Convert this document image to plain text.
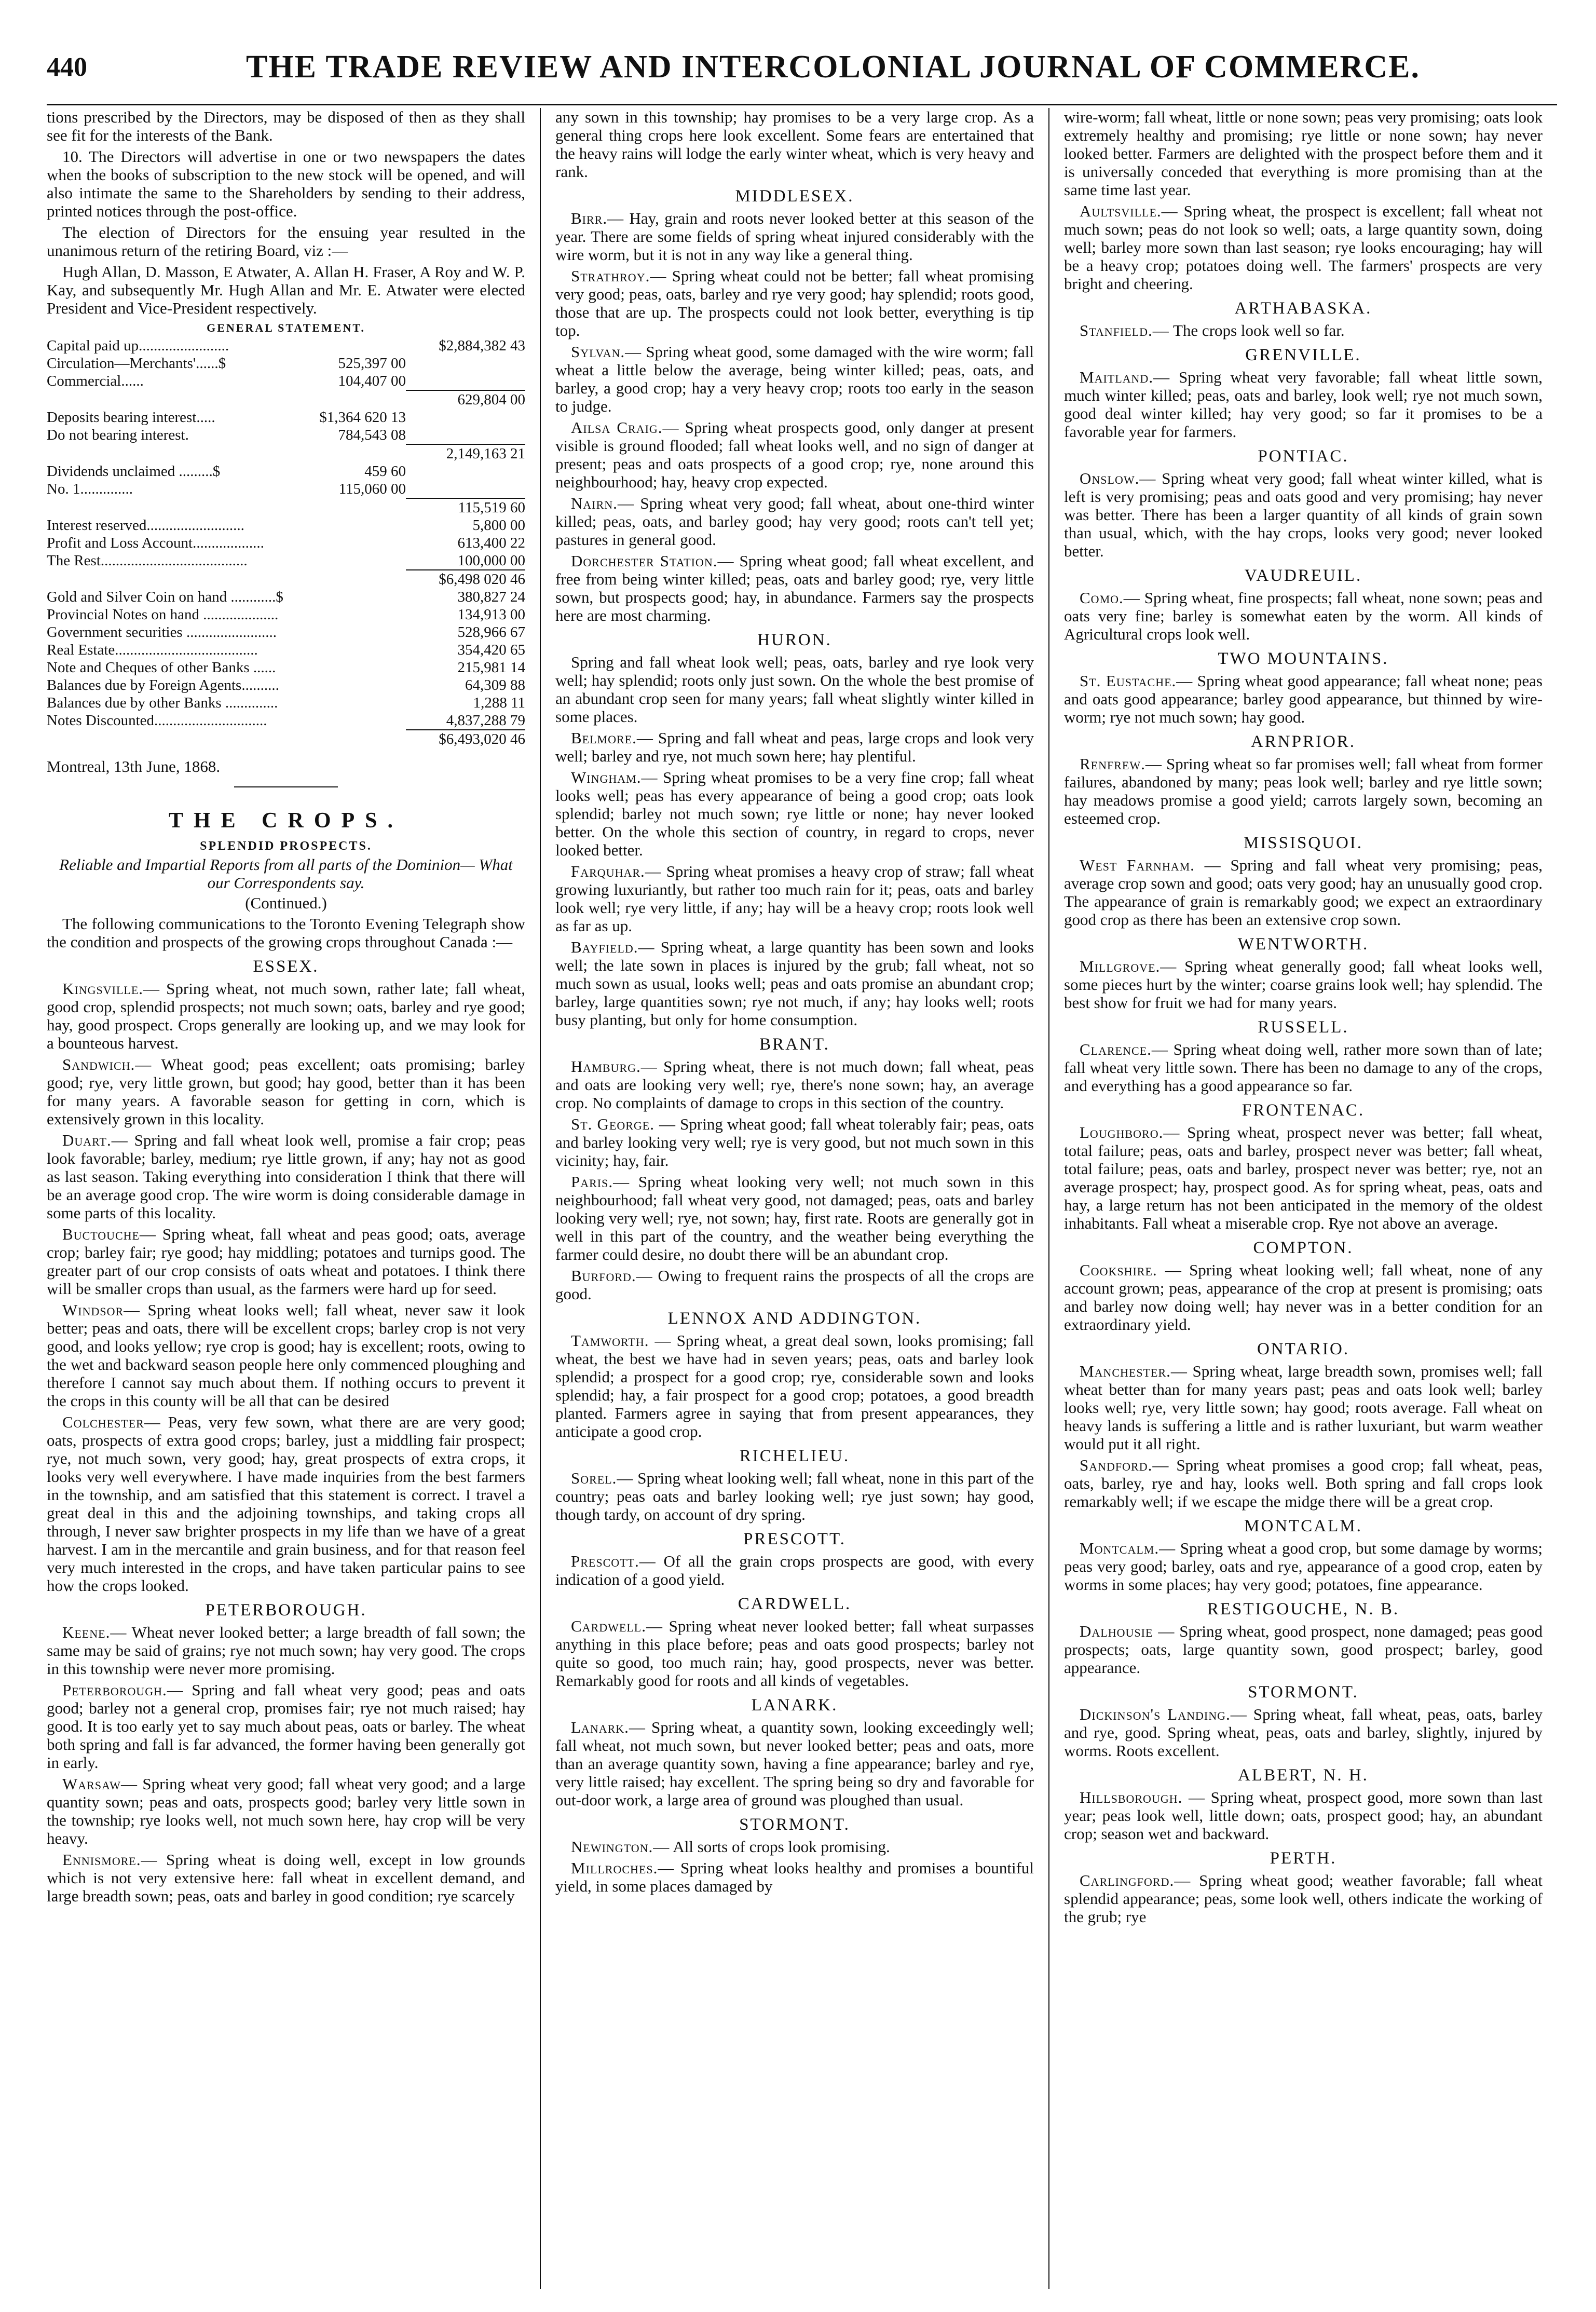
440	THE TRADE REVIEW AND INTERCOLONIAL JOURNAL OF COMMERCE.

tions prescribed by the Directors, may be disposed of then as they shall see fit for the interests of the Bank.

10. The Directors will advertise in one or two newspapers the dates when the books of subscription to the new stock will be opened, and will also intimate the same to the Shareholders by sending to their address, printed notices through the post-office.

The election of Directors for the ensuing year resulted in the unanimous return of the retiring Board, viz :—

Hugh Allan, D. Masson, E Atwater, A. Allan H. Fraser, A Roy and W. P. Kay, and subsequently Mr. Hugh Allan and Mr. E. Atwater were elected President and Vice-President respectively.

GENERAL STATEMENT.
Capital paid up........................	$2,884,382 43
Circulation—Merchants'......$	525,397 00
Commercial......	104,407 00
629,804 00
Deposits bearing interest.....	$1,364 620 13
Do not bearing interest.	784,543 08
2,149,163 21
Dividends unclaimed .........$	459 60
No. 1..............	115,060 00
115,519 60
Interest reserved..........................	5,800 00
Profit and Loss Account...................	613,400 22
The Rest.......................................	100,000 00
$6,498 020 46
Gold and Silver Coin on hand ............$	380,827 24
Provincial Notes on hand ....................	134,913 00
Government securities ........................	528,966 67
Real Estate......................................	354,420 65
Note and Cheques of other Banks ......	215,981 14
Balances due by Foreign Agents..........	64,309 88
Balances due by other Banks ..............	1,288 11
Notes Discounted..............................	4,837,288 79
$6,493,020 46
Montreal, 13th June, 1868.
THE CROPS.
SPLENDID PROSPECTS.
Reliable and Impartial Reports from all parts of the Dominion— What our Correspondents say.
(Continued.)

The following communications to the Toronto Evening Telegraph show the condition and prospects of the growing crops throughout Canada :—

ESSEX.

Kingsville.— Spring wheat, not much sown, rather late; fall wheat, good crop, splendid prospects; not much sown; oats, barley and rye good; hay, good prospect. Crops generally are looking up, and we may look for a bounteous harvest.

Sandwich.— Wheat good; peas excellent; oats promising; barley good; rye, very little grown, but good; hay good, better than it has been for many years. A favorable season for getting in corn, which is extensively grown in this locality.

Duart.— Spring and fall wheat look well, promise a fair crop; peas look favorable; barley, medium; rye little grown, if any; hay not as good as last season. Taking everything into consideration I think that there will be an average good crop. The wire worm is doing considerable damage in some parts of this locality.

Buctouche— Spring wheat, fall wheat and peas good; oats, average crop; barley fair; rye good; hay middling; potatoes and turnips good. The greater part of our crop consists of oats wheat and potatoes. I think there will be smaller crops than usual, as the farmers were hard up for seed.

Windsor— Spring wheat looks well; fall wheat, never saw it look better; peas and oats, there will be excellent crops; barley crop is not very good, and looks yellow; rye crop is good; hay is excellent; roots, owing to the wet and backward season people here only commenced ploughing and therefore I cannot say much about them. If nothing occurs to prevent it the crops in this county will be all that can be desired

Colchester— Peas, very few sown, what there are are very good; oats, prospects of extra good crops; barley, just a middling fair prospect; rye, not much sown, very good; hay, great prospects of extra crops, it looks very well everywhere. I have made inquiries from the best farmers in the township, and am satisfied that this statement is correct. I travel a great deal in this and the adjoining townships, and taking crops all through, I never saw brighter prospects in my life than we have of a great harvest. I am in the mercantile and grain business, and for that reason feel very much interested in the crops, and have taken particular pains to see how the crops looked.

PETERBOROUGH.

Keene.— Wheat never looked better; a large breadth of fall sown; the same may be said of grains; rye not much sown; hay very good. The crops in this township were never more promising.

Peterborough.— Spring and fall wheat very good; peas and oats good; barley not a general crop, promises fair; rye not much raised; hay good. It is too early yet to say much about peas, oats or barley. The wheat both spring and fall is far advanced, the former having been generally got in early.

Warsaw— Spring wheat very good; fall wheat very good; and a large quantity sown; peas and oats, prospects good; barley very little sown in the township; rye looks well, not much sown here, hay crop will be very heavy.

Ennismore.— Spring wheat is doing well, except in low grounds which is not very extensive here: fall wheat in excellent demand, and large breadth sown; peas, oats and barley in good condition; rye scarcely

any sown in this township; hay promises to be a very large crop. As a general thing crops here look excellent. Some fears are entertained that the heavy rains will lodge the early winter wheat, which is very heavy and rank.

MIDDLESEX.

Birr.— Hay, grain and roots never looked better at this season of the year. There are some fields of spring wheat injured considerably with the wire worm, but it is not in any way like a general thing.

Strathroy.— Spring wheat could not be better; fall wheat promising very good; peas, oats, barley and rye very good; hay splendid; roots good, those that are up. The prospects could not look better, everything is tip top.

Sylvan.— Spring wheat good, some damaged with the wire worm; fall wheat a little below the average, being winter killed; peas, oats, and barley, a good crop; hay a very heavy crop; roots too early in the season to judge.

Ailsa Craig.— Spring wheat prospects good, only danger at present visible is ground flooded; fall wheat looks well, and no sign of danger at present; peas and oats prospects of a good crop; rye, none around this neighbourhood; hay, heavy crop expected.

Nairn.— Spring wheat very good; fall wheat, about one-third winter killed; peas, oats, and barley good; hay very good; roots can't tell yet; pastures in general good.

Dorchester Station.— Spring wheat good; fall wheat excellent, and free from being winter killed; peas, oats and barley good; rye, very little sown, but prospects good; hay, in abundance. Farmers say the prospects here are most charming.

HURON.

Spring and fall wheat look well; peas, oats, barley and rye look very well; hay splendid; roots only just sown. On the whole the best promise of an abundant crop seen for many years; fall wheat slightly winter killed in some places.

Belmore.— Spring and fall wheat and peas, large crops and look very well; barley and rye, not much sown here; hay plentiful.

Wingham.— Spring wheat promises to be a very fine crop; fall wheat looks well; peas has every appearance of being a good crop; oats look splendid; barley not much sown; rye little or none; hay never looked better. On the whole this section of country, in regard to crops, never looked better.

Farquhar.— Spring wheat promises a heavy crop of straw; fall wheat growing luxuriantly, but rather too much rain for it; peas, oats and barley look well; rye very little, if any; hay will be a heavy crop; roots look well as far as up.

Bayfield.— Spring wheat, a large quantity has been sown and looks well; the late sown in places is injured by the grub; fall wheat, not so much sown as usual, looks well; peas and oats promise an abundant crop; barley, large quantities sown; rye not much, if any; hay looks well; roots busy planting, but only for home consumption.

BRANT.

Hamburg.— Spring wheat, there is not much down; fall wheat, peas and oats are looking very well; rye, there's none sown; hay, an average crop. No complaints of damage to crops in this section of the country.

St. George. — Spring wheat good; fall wheat tolerably fair; peas, oats and barley looking very well; rye is very good, but not much sown in this vicinity; hay, fair.

Paris.— Spring wheat looking very well; not much sown in this neighbourhood; fall wheat very good, not damaged; peas, oats and barley looking very well; rye, not sown; hay, first rate. Roots are generally got in well in this part of the country, and the weather being everything the farmer could desire, no doubt there will be an abundant crop.

Burford.— Owing to frequent rains the prospects of all the crops are good.

LENNOX AND ADDINGTON.

Tamworth. — Spring wheat, a great deal sown, looks promising; fall wheat, the best we have had in seven years; peas, oats and barley look splendid; a prospect for a good crop; rye, considerable sown and looks splendid; hay, a fair prospect for a good crop; potatoes, a good breadth planted. Farmers agree in saying that from present appearances, they anticipate a good crop.

RICHELIEU.

Sorel.— Spring wheat looking well; fall wheat, none in this part of the country; peas oats and barley looking well; rye just sown; hay good, though tardy, on account of dry spring.

PRESCOTT.

Prescott.— Of all the grain crops prospects are good, with every indication of a good yield.

CARDWELL.

Cardwell.— Spring wheat never looked better; fall wheat surpasses anything in this place before; peas and oats good prospects; barley not quite so good, too much rain; hay, good prospects, never was better. Remarkably good for roots and all kinds of vegetables.

LANARK.

Lanark.— Spring wheat, a quantity sown, looking exceedingly well; fall wheat, not much sown, but never looked better; peas and oats, more than an average quantity sown, having a fine appearance; barley and rye, very little raised; hay excellent. The spring being so dry and favorable for out-door work, a large area of ground was ploughed than usual.

STORMONT.

Newington.— All sorts of crops look promising.

Millroches.— Spring wheat looks healthy and promises a bountiful yield, in some places damaged by

wire-worm; fall wheat, little or none sown; peas very promising; oats look extremely healthy and promising; rye little or none sown; hay never looked better. Farmers are delighted with the prospect before them and it is universally conceded that everything is more promising than at the same time last year.

Aultsville.— Spring wheat, the prospect is excellent; fall wheat not much sown; peas do not look so well; oats, a large quantity sown, doing well; barley more sown than last season; rye looks encouraging; hay will be a heavy crop; potatoes doing well. The farmers' prospects are very bright and cheering.

ARTHABASKA.

Stanfield.— The crops look well so far.

GRENVILLE.

Maitland.— Spring wheat very favorable; fall wheat little sown, much winter killed; peas, oats and barley, look well; rye not much sown, good deal winter killed; hay very good; so far it promises to be a favorable year for farmers.

PONTIAC.

Onslow.— Spring wheat very good; fall wheat winter killed, what is left is very promising; peas and oats good and very promising; hay never was better. There has been a larger quantity of all kinds of grain sown than usual, which, with the hay crops, looks very good; never looked better.

VAUDREUIL.

Como.— Spring wheat, fine prospects; fall wheat, none sown; peas and oats very fine; barley is somewhat eaten by the worm. All kinds of Agricultural crops look well.

TWO MOUNTAINS.

St. Eustache.— Spring wheat good appearance; fall wheat none; peas and oats good appearance; barley good appearance, but thinned by wire-worm; rye not much sown; hay good.

ARNPRIOR.

Renfrew.— Spring wheat so far promises well; fall wheat from former failures, abandoned by many; peas look well; barley and rye little sown; hay meadows promise a good yield; carrots largely sown, becoming an esteemed crop.

MISSISQUOI.

West Farnham. — Spring and fall wheat very promising; peas, average crop sown and good; oats very good; hay an unusually good crop. The appearance of grain is remarkably good; we expect an extraordinary good crop as there has been an extensive crop sown.

WENTWORTH.

Millgrove.— Spring wheat generally good; fall wheat looks well, some pieces hurt by the winter; coarse grains look well; hay splendid. The best show for fruit we had for many years.

RUSSELL.

Clarence.— Spring wheat doing well, rather more sown than of late; fall wheat very little sown. There has been no damage to any of the crops, and everything has a good appearance so far.

FRONTENAC.

Loughboro.— Spring wheat, prospect never was better; fall wheat, total failure; peas, oats and barley, prospect never was better; fall wheat, total failure; peas, oats and barley, prospect never was better; rye, not an average prospect; hay, prospect good. As for spring wheat, peas, oats and hay, a large return has not been anticipated in the memory of the oldest inhabitants. Fall wheat a miserable crop. Rye not above an average.

COMPTON.

Cookshire. — Spring wheat looking well; fall wheat, none of any account grown; peas, appearance of the crop at present is promising; oats and barley now doing well; hay never was in a better condition for an extraordinary yield.

ONTARIO.

Manchester.— Spring wheat, large breadth sown, promises well; fall wheat better than for many years past; peas and oats look well; barley looks well; rye, very little sown; hay good; roots average. Fall wheat on heavy lands is suffering a little and is rather luxuriant, but warm weather would put it all right.

Sandford.— Spring wheat promises a good crop; fall wheat, peas, oats, barley, rye and hay, looks well. Both spring and fall crops look remarkably well; if we escape the midge there will be a great crop.

MONTCALM.

Montcalm.— Spring wheat a good crop, but some damage by worms; peas very good; barley, oats and rye, appearance of a good crop, eaten by worms in some places; hay very good; potatoes, fine appearance.

RESTIGOUCHE, N. B.

Dalhousie — Spring wheat, good prospect, none damaged; peas good prospects; oats, large quantity sown, good prospect; barley, good appearance.

STORMONT.

Dickinson's Landing.— Spring wheat, fall wheat, peas, oats, barley and rye, good. Spring wheat, peas, oats and barley, slightly, injured by worms. Roots excellent.

ALBERT, N. H.

Hillsborough. — Spring wheat, prospect good, more sown than last year; peas look well, little down; oats, prospect good; hay, an abundant crop; season wet and backward.

PERTH.

Carlingford.— Spring wheat good; weather favorable; fall wheat splendid appearance; peas, some look well, others indicate the working of the grub; rye
